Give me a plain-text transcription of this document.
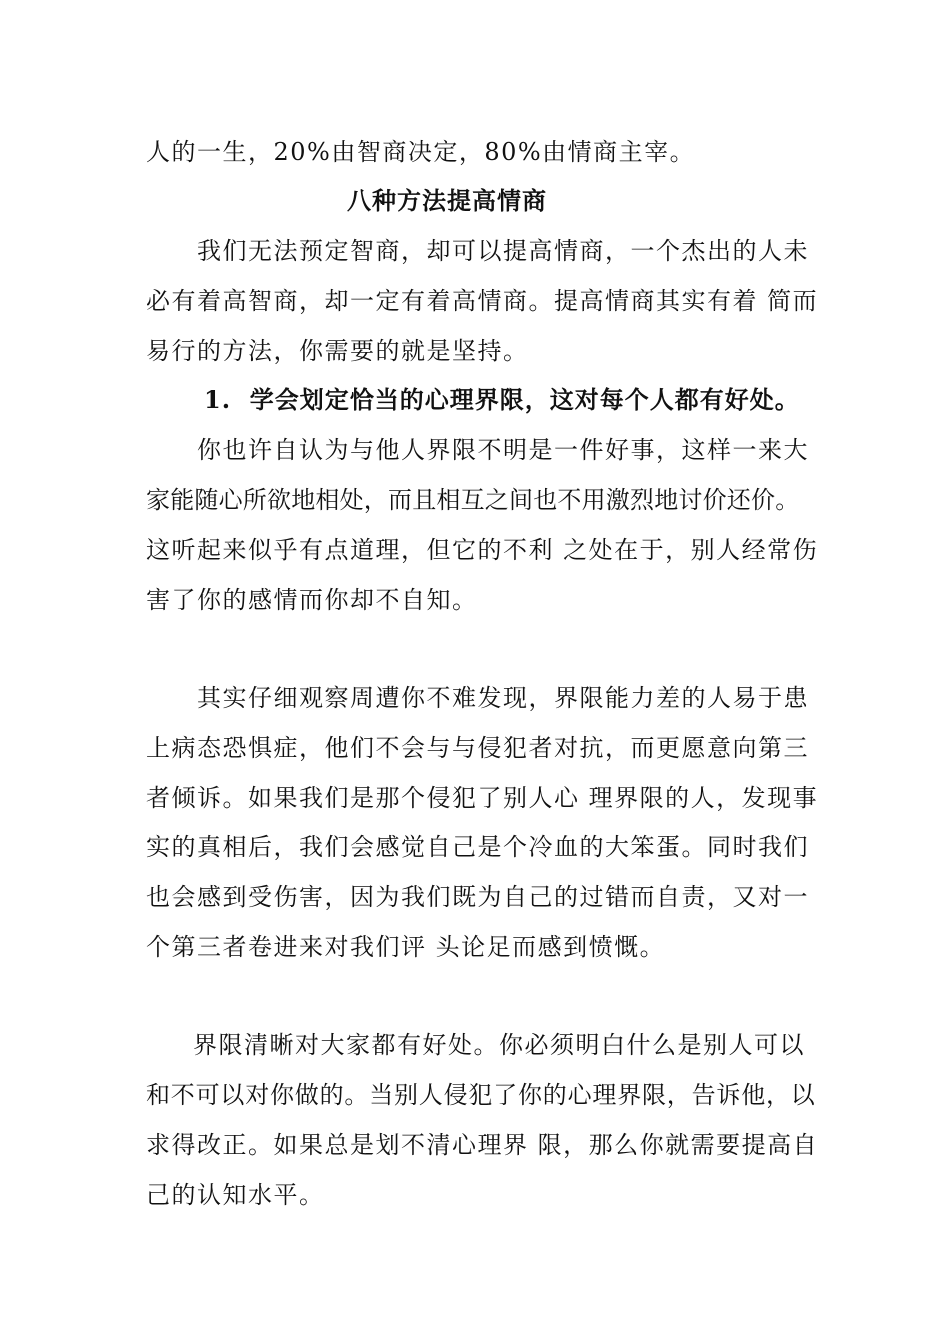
人的一生，20%由智商决定，80%由情商主宰。
八种方法提高情商
我们无法预定智商，却可以提高情商，一个杰出的人未
必有着高智商，却一定有着高情商。提高情商其实有着 简而
易行的方法，你需要的就是坚持。
1.  学会划定恰当的心理界限，这对每个人都有好处。
你也许自认为与他人界限不明是一件好事，这样一来大
家能随心所欲地相处，而且相互之间也不用激烈地讨价还价。
这听起来似乎有点道理，但它的不利 之处在于，别人经常伤
害了你的感情而你却不自知。
其实仔细观察周遭你不难发现，界限能力差的人易于患
上病态恐惧症，他们不会与与侵犯者对抗，而更愿意向第三
者倾诉。如果我们是那个侵犯了别人心 理界限的人，发现事
实的真相后，我们会感觉自己是个冷血的大笨蛋。同时我们
也会感到受伤害，因为我们既为自己的过错而自责，又对一
个第三者卷进来对我们评 头论足而感到愤慨。
界限清晰对大家都有好处。你必须明白什么是别人可以
和不可以对你做的。当别人侵犯了你的心理界限，告诉他，以
求得改正。如果总是划不清心理界 限，那么你就需要提高自
己的认知水平。
